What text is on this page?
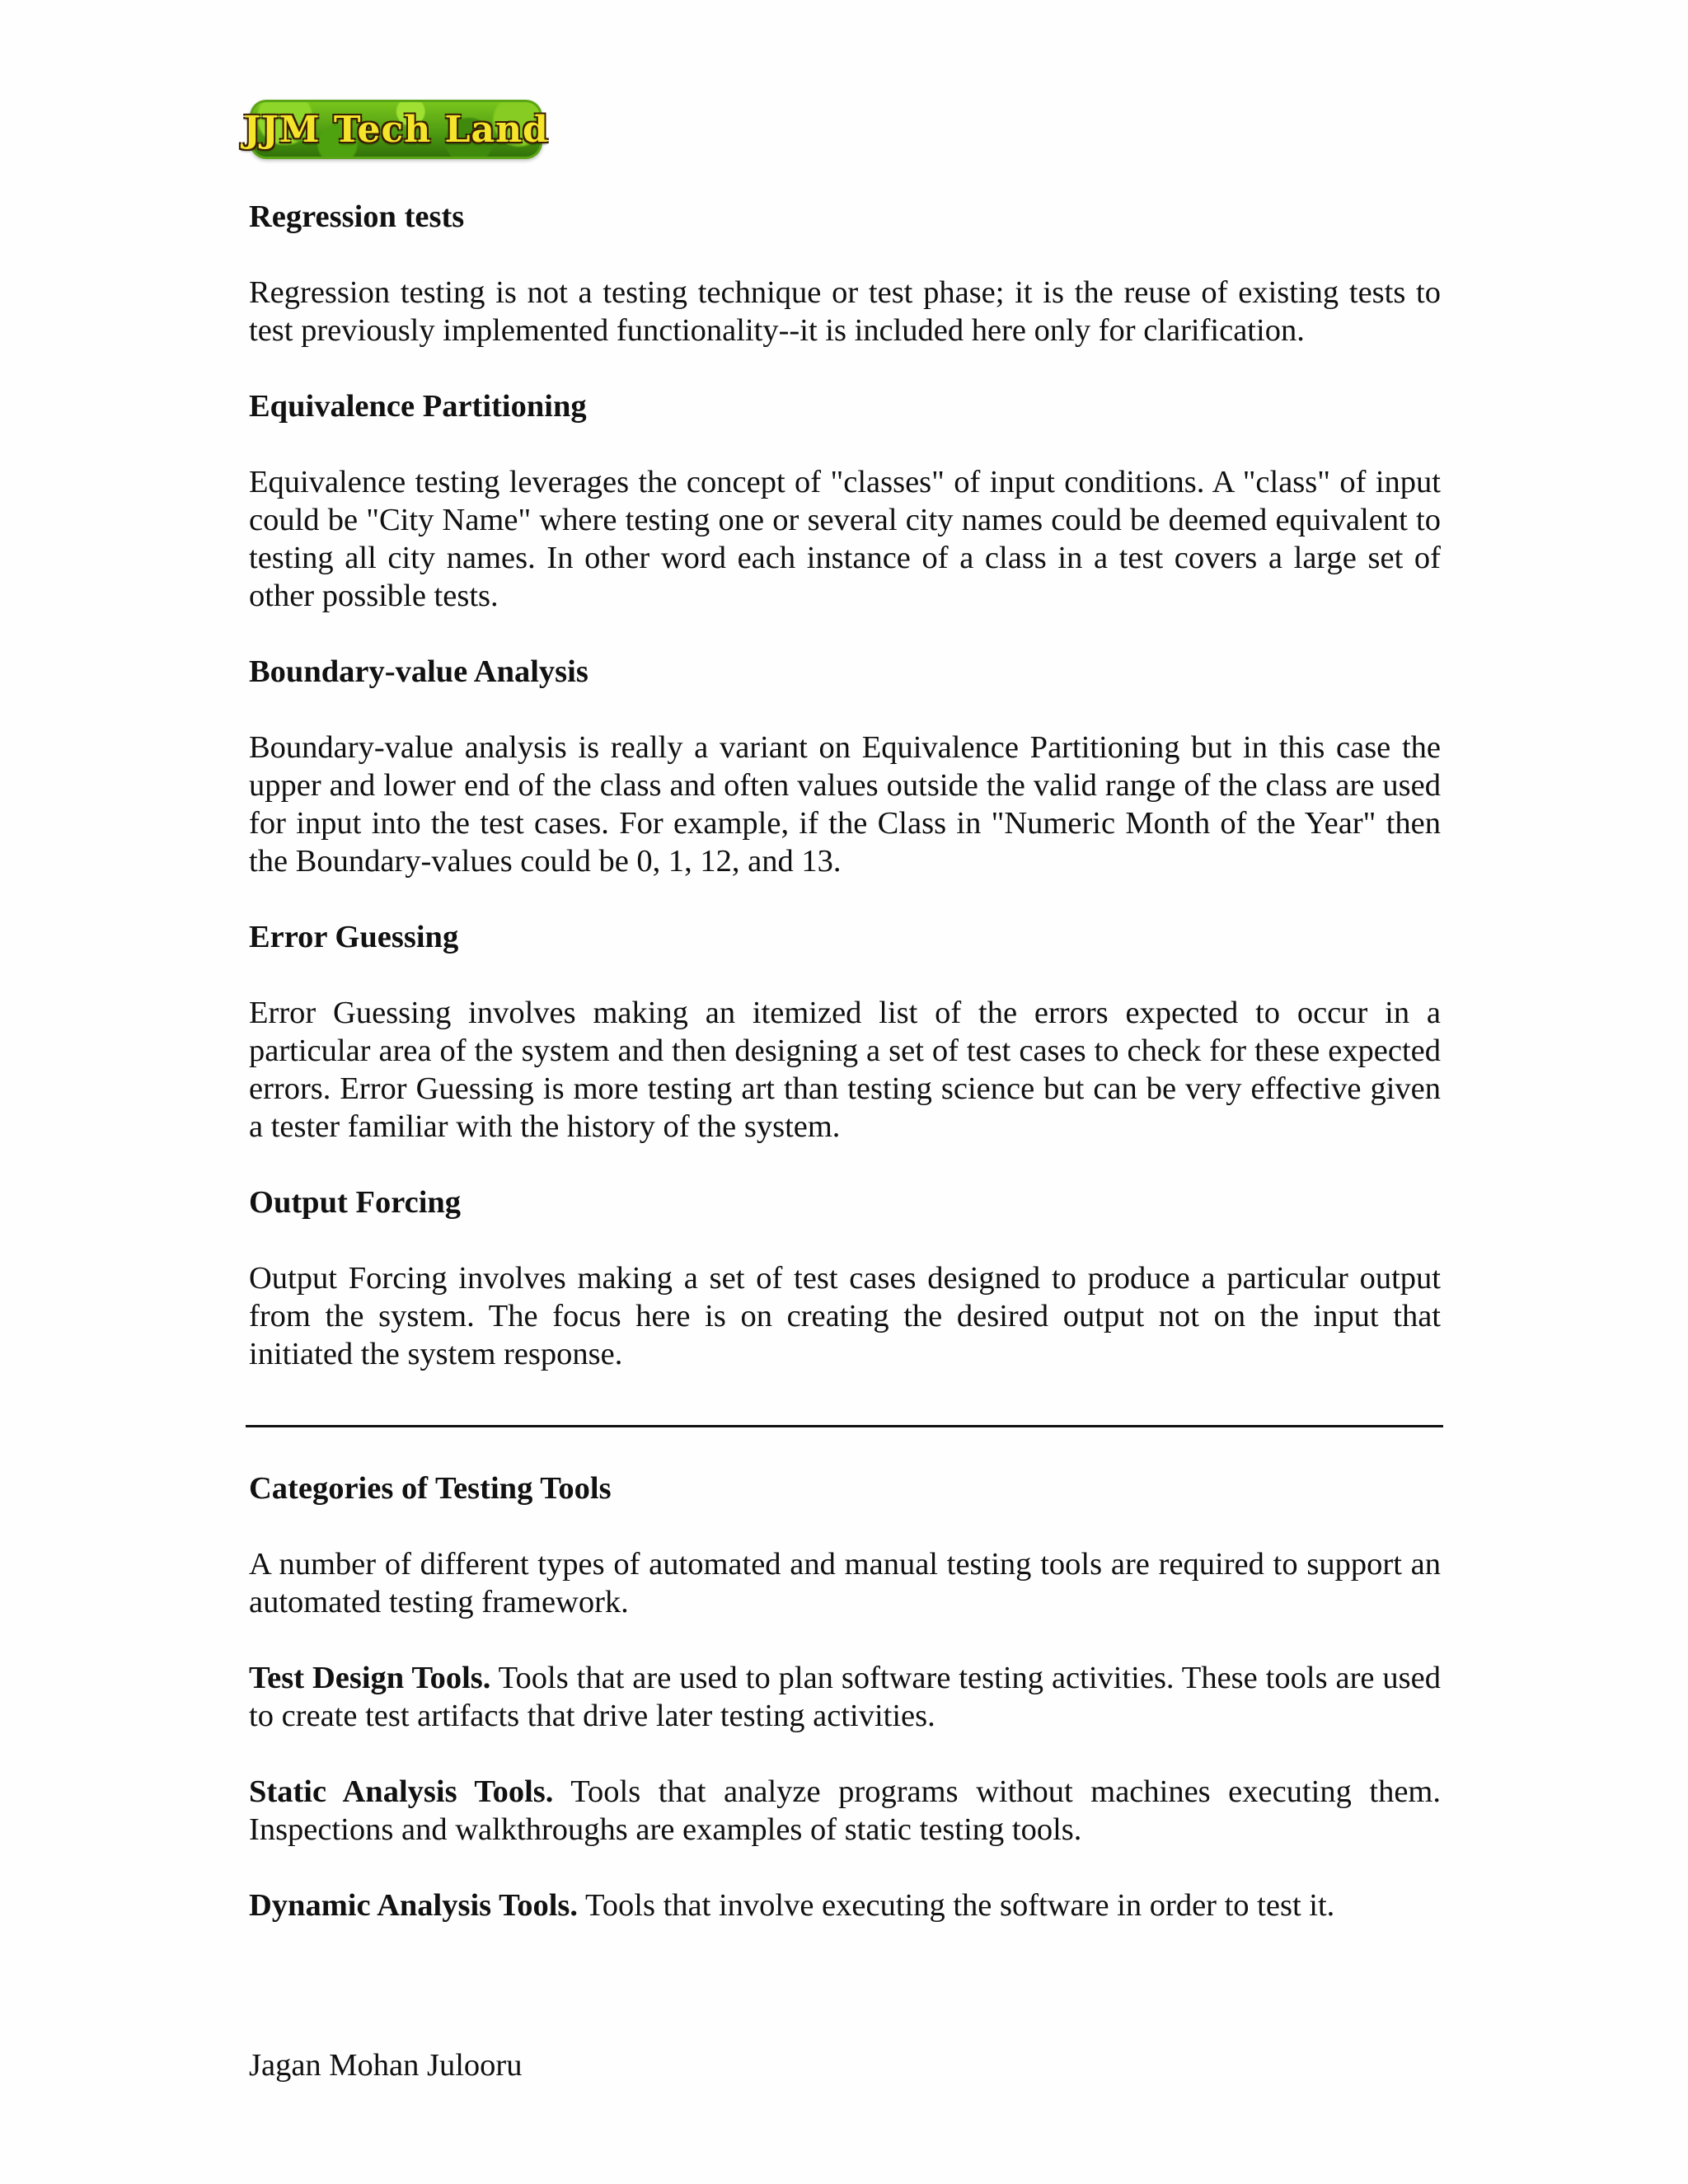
JJM Tech Land
Regression tests
Regression testing is not a testing technique or test phase; it is the reuse of existing tests to test previously implemented functionality--it is included here only for clarification.
Equivalence Partitioning
Equivalence testing leverages the concept of "classes" of input conditions. A "class" of input could be "City Name" where testing one or several city names could be deemed equivalent to testing all city names. In other word each instance of a class in a test covers a large set of other possible tests.
Boundary-value Analysis
Boundary-value analysis is really a variant on Equivalence Partitioning but in this case the upper and lower end of the class and often values outside the valid range of the class are used for input into the test cases. For example, if the Class in "Numeric Month of the Year" then the Boundary-values could be 0, 1, 12, and 13.
Error Guessing
Error Guessing involves making an itemized list of the errors expected to occur in a particular area of the system and then designing a set of test cases to check for these expected errors. Error Guessing is more testing art than testing science but can be very effective given a tester familiar with the history of the system.
Output Forcing
Output Forcing involves making a set of test cases designed to produce a particular output from the system. The focus here is on creating the desired output not on the input that initiated the system response.
Categories of Testing Tools
A number of different types of automated and manual testing tools are required to support an automated testing framework.
Test Design Tools. Tools that are used to plan software testing activities. These tools are used to create test artifacts that drive later testing activities.
Static Analysis Tools. Tools that analyze programs without machines executing them. Inspections and walkthroughs are examples of static testing tools.
Dynamic Analysis Tools. Tools that involve executing the software in order to test it.
Jagan Mohan Julooru
